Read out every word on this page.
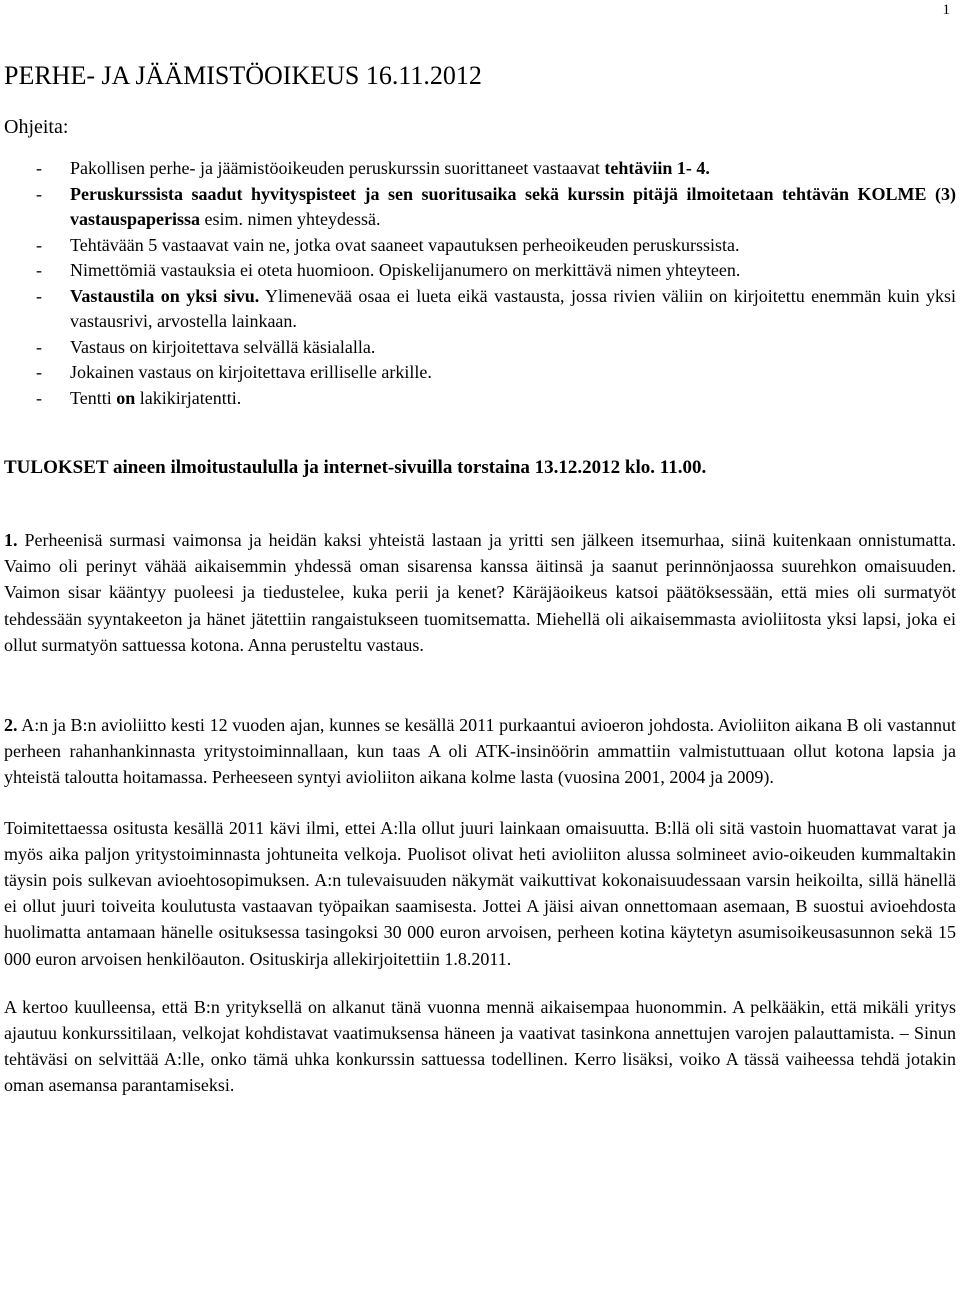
1
PERHE- JA JÄÄMISTÖOIKEUS 16.11.2012
Ohjeita:
- Pakollisen perhe- ja jäämistöoikeuden peruskurssin suorittaneet vastaavat tehtäviin 1- 4.
- Peruskurssista saadut hyvityspisteet ja sen suoritusaika sekä kurssin pitäjä ilmoitetaan tehtävän KOLME (3) vastauspaperissa esim. nimen yhteydessä.
- Tehtävään 5 vastaavat vain ne, jotka ovat saaneet vapautuksen perheoikeuden peruskurssista.
- Nimettömiä vastauksia ei oteta huomioon. Opiskelijanumero on merkittävä nimen yhteyteen.
- Vastaustila on yksi sivu. Ylimenevää osaa ei lueta eikä vastausta, jossa rivien väliin on kirjoitettu enemmän kuin yksi vastausrivi, arvostella lainkaan.
- Vastaus on kirjoitettava selvällä käsialalla.
- Jokainen vastaus on kirjoitettava erilliselle arkille.
- Tentti on lakikirjatentti.
TULOKSET aineen ilmoitustaululla ja internet-sivuilla torstaina 13.12.2012 klo. 11.00.

1. Perheenisä surmasi vaimonsa ja heidän kaksi yhteistä lastaan ja yritti sen jälkeen itsemurhaa, siinä kuitenkaan onnistumatta. Vaimo oli perinyt vähää aikaisemmin yhdessä oman sisarensa kanssa äitinsä ja saanut perinnönjaossa suurehkon omaisuuden. Vaimon sisar kääntyy puoleesi ja tiedustelee, kuka perii ja kenet? Käräjäoikeus katsoi päätöksessään, että mies oli surmatyöt tehdessään syyntakeeton ja hänet jätettiin rangaistukseen tuomitsematta. Miehellä oli aikaisemmasta avioliitosta yksi lapsi, joka ei ollut surmatyön sattuessa kotona. Anna perusteltu vastaus.

2. A:n ja B:n avioliitto kesti 12 vuoden ajan, kunnes se kesällä 2011 purkaantui avioeron johdosta. Avioliiton aikana B oli vastannut perheen rahanhankinnasta yritystoiminnallaan, kun taas A oli ATK-insinöörin ammattiin valmistuttuaan ollut kotona lapsia ja yhteistä taloutta hoitamassa. Perheeseen syntyi avioliiton aikana kolme lasta (vuosina 2001, 2004 ja 2009).

Toimitettaessa ositusta kesällä 2011 kävi ilmi, ettei A:lla ollut juuri lainkaan omaisuutta. B:llä oli sitä vastoin huomattavat varat ja myös aika paljon yritystoiminnasta johtuneita velkoja. Puolisot olivat heti avioliiton alussa solmineet avio-oikeuden kummaltakin täysin pois sulkevan avioehtosopimuksen. A:n tulevaisuuden näkymät vaikuttivat kokonaisuudessaan varsin heikoilta, sillä hänellä ei ollut juuri toiveita koulutusta vastaavan työpaikan saamisesta. Jottei A jäisi aivan onnettomaan asemaan, B suostui avioehdosta huolimatta antamaan hänelle osituksessa tasingoksi 30 000 euron arvoisen, perheen kotina käytetyn asumisoikeusasunnon sekä 15 000 euron arvoisen henkilöauton. Osituskirja allekirjoitettiin 1.8.2011.

A kertoo kuulleensa, että B:n yrityksellä on alkanut tänä vuonna mennä aikaisempaa huonommin. A pelkääkin, että mikäli yritys ajautuu konkurssitilaan, velkojat kohdistavat vaatimuksensa häneen ja vaativat tasinkona annettujen varojen palauttamista. – Sinun tehtäväsi on selvittää A:lle, onko tämä uhka konkurssin sattuessa todellinen. Kerro lisäksi, voiko A tässä vaiheessa tehdä jotakin oman asemansa parantamiseksi.
